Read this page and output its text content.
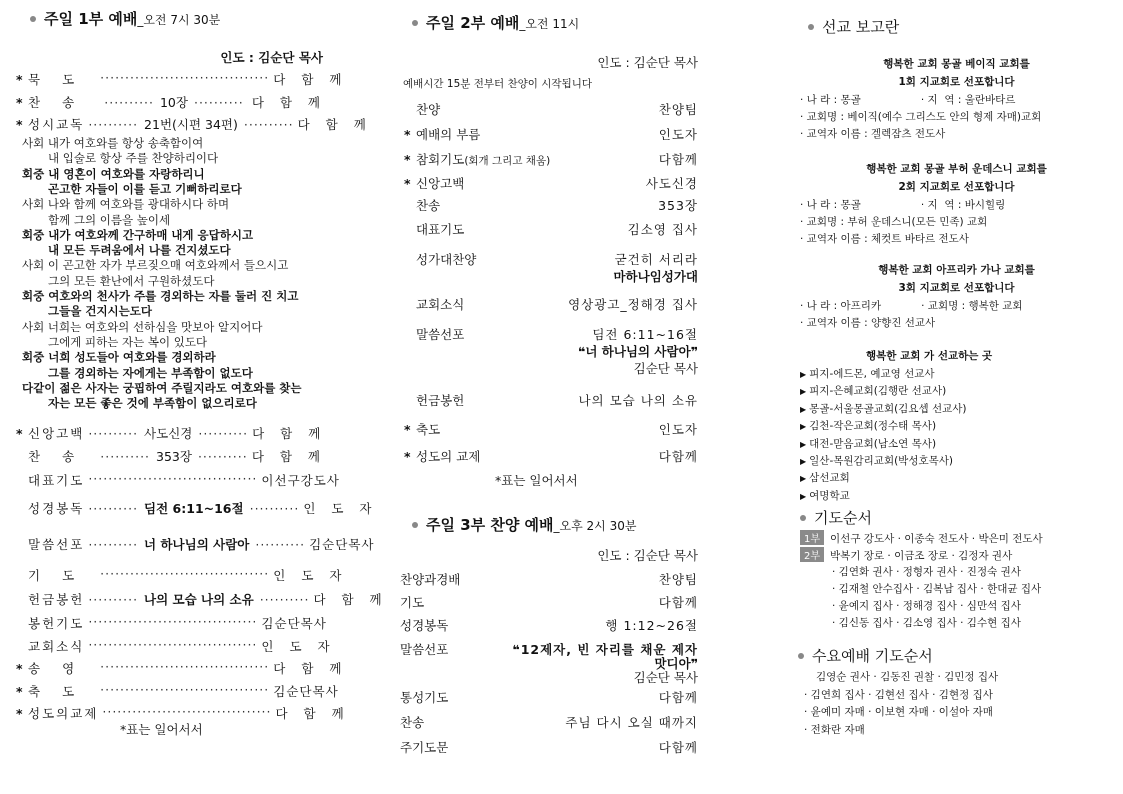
주일 1부 예배 _오전 7시 30분
인도 : 김순단 목사
* 묵도 ·································· 다 함 께
* 찬송 ·········· 10장 ·········· 다 함 께
* 성시교독 ·········· 21번(시편 34편) ·········· 다 함 께
사회 내가 여호와를 항상 송축함이여
내 입술로 항상 주를 찬양하리이다
회중 내 영혼이 여호와를 자랑하리니
곤고한 자들이 이를 듣고 기뻐하리로다
사회 나와 함께 여호와를 광대하시다 하며
함께 그의 이름을 높이세
회중 내가 여호와께 간구하매 내게 응답하시고
내 모든 두려움에서 나를 건지셨도다
사회 이 곤고한 자가 부르짖으매 여호와께서 들으시고
그의 모든 환난에서 구원하셨도다
회중 여호와의 천사가 주를 경외하는 자를 둘러 진 치고
그들을 건지시는도다
사회 너희는 여호와의 선하심을 맛보아 알지어다
그에게 피하는 자는 복이 있도다
회중 너희 성도들아 여호와를 경외하라
그를 경외하는 자에게는 부족함이 없도다
다같이 젊은 사자는 궁핍하여 주릴지라도 여호와를 찾는
자는 모든 좋은 것에 부족함이 없으리로다
* 신앙고백 ·········· 사도신경 ·········· 다 함 께
찬송 ·········· 353장 ·········· 다 함 께
대표기도 ·································· 이선구강도사
성경봉독 ·········· 딤전 6:11~16절 ·········· 인 도 자
말씀선포 ·········· 너 하나님의 사람아 ·········· 김순단목사
기도 ·································· 인 도 자
헌금봉헌 ·········· 나의 모습 나의 소유 ·········· 다 함 께
봉헌기도 ·································· 김순단목사
교회소식 ·································· 인 도 자
* 송영 ·································· 다 함 께
* 축도 ·································· 김순단목사
* 성도의교제 ·································· 다 함 께
*표는 일어서서
주일 2부 예배 _오전 11시
인도 : 김순단 목사
예배시간 15분 전부터 찬양이 시작됩니다
찬양	찬양팀
* 예배의 부름	인도자
* 참회기도(회개 그리고 채움)	다함께
* 신앙고백	사도신경
찬송	353장
대표기도	김소영 집사
성가대찬양	굳건히 서리라
마하나임성가대
교회소식	영상광고_정해경 집사
말씀선포	딤전 6:11~16절
❝너 하나님의 사람아❞
김순단 목사
헌금봉헌	나의 모습 나의 소유
* 축도	인도자
* 성도의 교제	다함께
*표는 일어서서
주일 3부 찬양 예배 _오후 2시 30분
인도 : 김순단 목사
찬양과경배	찬양팀
기도	다함께
성경봉독	행 1:12~26절
말씀선포	❝12제자, 빈 자리를 채운 제자
맛디아❞
김순단 목사
통성기도	다함께
찬송	주님 다시 오실 때까지
주기도문	다함께
선교 보고란
행복한 교회 몽골 베이직 교회를
1회 지교회로 선포합니다
· 나 라 : 몽골                  · 지  역 : 울란바타르
· 교회명 : 베이직(예수 그리스도 안의 형제 자매)교회
· 교역자 이름 : 겔렉잠츠 전도사
행복한 교회 몽골 부허 운데스니 교회를
2회 지교회로 선포합니다
· 나 라 : 몽골                  · 지  역 : 바시힐링
· 교회명 : 부허 운데스니(모든 민족) 교회
· 교역자 이름 : 체컷트 바타르 전도사
행복한 교회 아프리카 가나 교회를
3회 지교회로 선포합니다
· 나 라 : 아프리카            · 교회명 : 행복한 교회
· 교역자 이름 : 양향진 선교사
행복한 교회 가 선교하는 곳
▶ 피지-에드몬, 예교영 선교사
▶ 피지-은혜교회(김행란 선교사)
▶ 몽골-서울몽골교회(김요셉 선교사)
▶ 김천-작은교회(정수태 목사)
▶ 대전-맏음교회(남소연 목사)
▶ 일산-목원감리교회(박성호목사)
▶ 삼선교회
▶ 여명학교
기도순서
1부 이선구 강도사 · 이종숙 전도사 · 박은미 전도사
2부 박복기 장로 · 이금조 장로 · 김정자 권사
· 김연화 권사 · 정형자 권사 · 진정숙 권사
· 김재철 안수집사 · 김복남 집사 · 한대균 집사
· 윤예지 집사 · 정해경 집사 · 심만석 집사
· 김신동 집사 · 김소영 집사 · 김수현 집사
수요예배 기도순서
김영순 권사 · 김동진 권찰 · 김민정 집사
· 김연희 집사 · 김현선 집사 · 김현정 집사
· 윤예미 자매 · 이보현 자매 · 이설아 자매
· 전화란 자매
